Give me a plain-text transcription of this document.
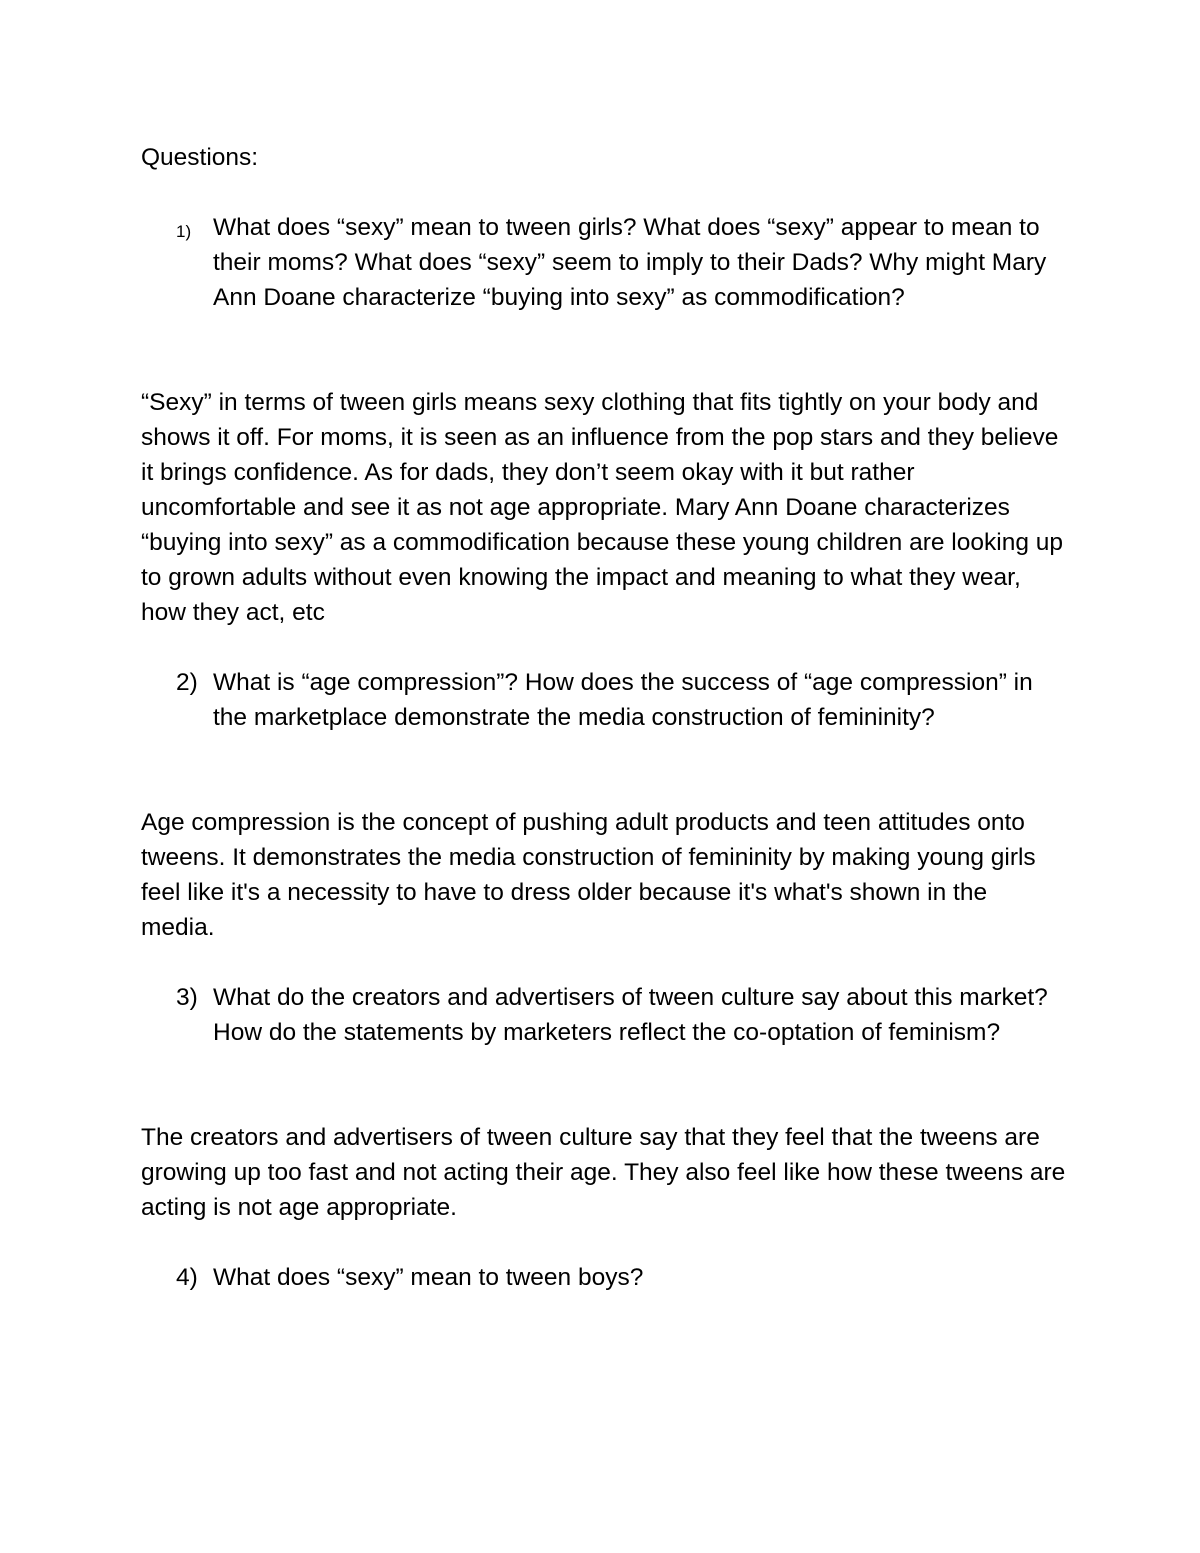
Questions:
1) What does “sexy” mean to tween girls? What does “sexy” appear to mean to their moms? What does “sexy” seem to imply to their Dads? Why might Mary Ann Doane characterize “buying into sexy” as commodification?
“Sexy” in terms of tween girls means sexy clothing that fits tightly on your body and shows it off. For moms, it is seen as an influence from the pop stars and they believe it brings confidence. As for dads, they don’t seem okay with it but rather uncomfortable and see it as not age appropriate. Mary Ann Doane characterizes “buying into sexy” as a commodification because these young children are looking up to grown adults without even knowing the impact and meaning to what they wear, how they act, etc
2) What is “age compression”? How does the success of “age compression” in the marketplace demonstrate the media construction of femininity?
Age compression is the concept of pushing adult products and teen attitudes onto tweens. It demonstrates the media construction of femininity by making young girls feel like it's a necessity to have to dress older because it's what's shown in the media.
3) What do the creators and advertisers of tween culture say about this market? How do the statements by marketers reflect the co-optation of feminism?
The creators and advertisers of tween culture say that they feel that the tweens are growing up too fast and not acting their age. They also feel like how these tweens are acting is not age appropriate.
4) What does “sexy” mean to tween boys?
